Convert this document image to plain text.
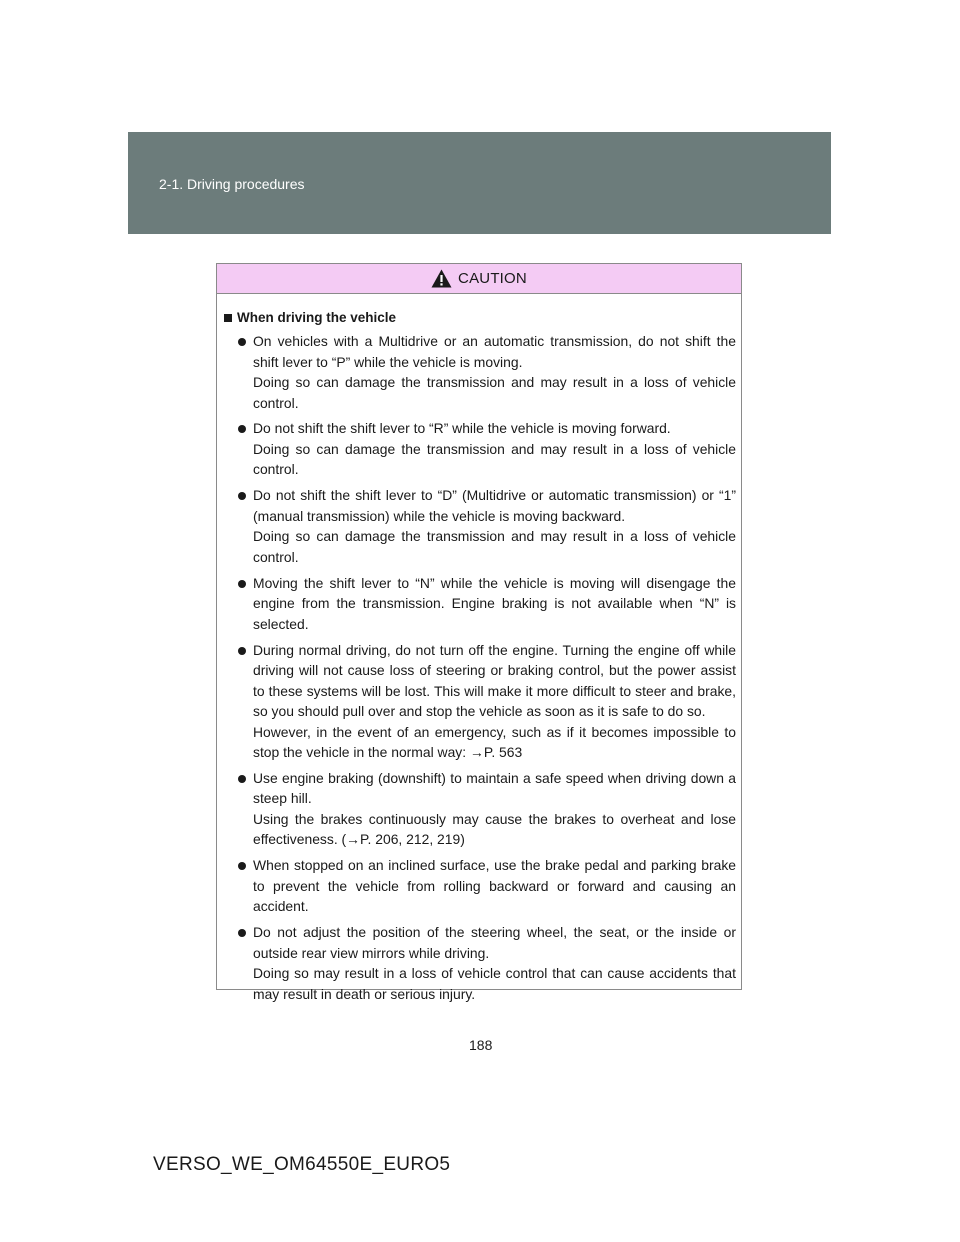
2-1. Driving procedures
CAUTION
When driving the vehicle

On vehicles with a Multidrive or an automatic transmission, do not shift the shift lever to “P” while the vehicle is moving.

Doing so can damage the transmission and may result in a loss of vehicle control.

Do not shift the shift lever to “R” while the vehicle is moving forward.

Doing so can damage the transmission and may result in a loss of vehicle control.

Do not shift the shift lever to “D” (Multidrive or automatic transmission) or “1” (manual transmission) while the vehicle is moving backward.

Doing so can damage the transmission and may result in a loss of vehicle control.

Moving the shift lever to “N” while the vehicle is moving will disengage the engine from the transmission. Engine braking is not available when “N” is selected.

During normal driving, do not turn off the engine. Turning the engine off while driving will not cause loss of steering or braking control, but the power assist to these systems will be lost. This will make it more difficult to steer and brake, so you should pull over and stop the vehicle as soon as it is safe to do so.

However, in the event of an emergency, such as if it becomes impossible to stop the vehicle in the normal way: →P. 563

Use engine braking (downshift) to maintain a safe speed when driving down a steep hill.

Using the brakes continuously may cause the brakes to overheat and lose effectiveness. (→P. 206, 212, 219)

When stopped on an inclined surface, use the brake pedal and parking brake to prevent the vehicle from rolling backward or forward and causing an accident.

Do not adjust the position of the steering wheel, the seat, or the inside or outside rear view mirrors while driving.

Doing so may result in a loss of vehicle control that can cause accidents that may result in death or serious injury.

188
VERSO_WE_OM64550E_EURO5
